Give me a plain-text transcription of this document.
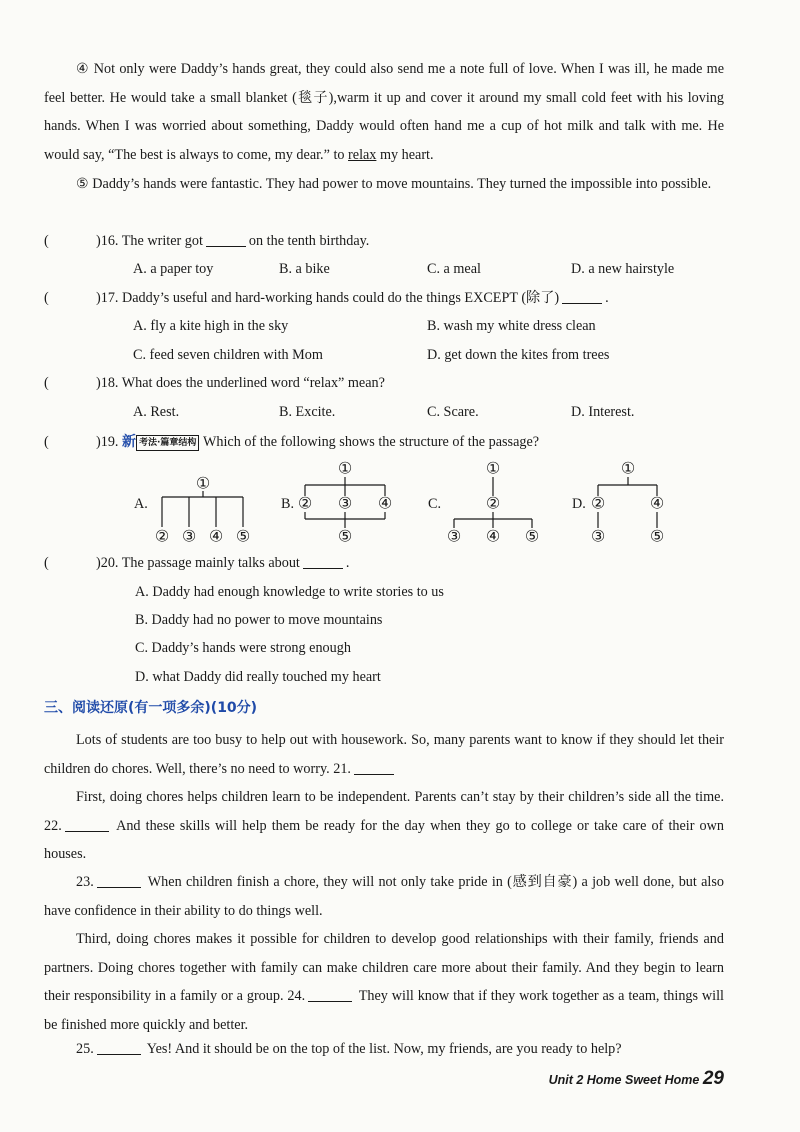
④ Not only were Daddy’s hands great, they could also send me a note full of love. When I was ill, he made me feel better. He would take a small blanket (毯子),warm it up and cover it around my small cold feet with his loving hands. When I was worried about something, Daddy would often hand me a cup of hot milk and talk with me. He would say, “The best is always to come, my dear.” to relax my heart.
⑤ Daddy’s hands were fantastic. They had power to move mountains. They turned the impossible into possible.
(	)16. The writer got	on the tenth birthday.
A. a paper toy	B. a bike	C. a meal	D. a new hairstyle
(	)17. Daddy’s useful and hard-working hands could do the things EXCEPT (除了)	.
A. fly a kite high in the sky	B. wash my white dress clean
C. feed seven children with Mom	D. get down the kites from trees
(	)18. What does the underlined word “relax” mean?
A. Rest.	B. Excite.	C. Scare.	D. Interest.
(	)19. 新 考法·篇章结构 Which of the following shows the structure of the passage?
①
② ③ ④ ⑤
①
② ③ ④
⑤
①
②
③ ④ ⑤
①
②	④
③	⑤
A.	B.	C.	D.
(	)20. The passage mainly talks about	.
A. Daddy had enough knowledge to write stories to us
B. Daddy had no power to move mountains
C. Daddy’s hands were strong enough
D. what Daddy did really touched my heart
三、阅读还原(有一项多余)(10分)
Lots of students are too busy to help out with housework. So, many parents want to know if they should let their children do chores. Well, there’s no need to worry. 21.
First, doing chores helps children learn to be independent. Parents can’t stay by their children’s side all the time. 22.	And these skills will help them be ready for the day when they go to college or take care of their own houses.
23.	When children finish a chore, they will not only take pride in (感到自豪) a job well done, but also have confidence in their ability to do things well.
Third, doing chores makes it possible for children to develop good relationships with their family, friends and partners. Doing chores together with family can make children care more about their family. And they begin to learn their responsibility in a family or a group. 24.	They will know that if they work together as a team, things will be finished more quickly and better.
25.	Yes! And it should be on the top of the list. Now, my friends, are you ready to help?
Unit 2 Home Sweet Home 29
